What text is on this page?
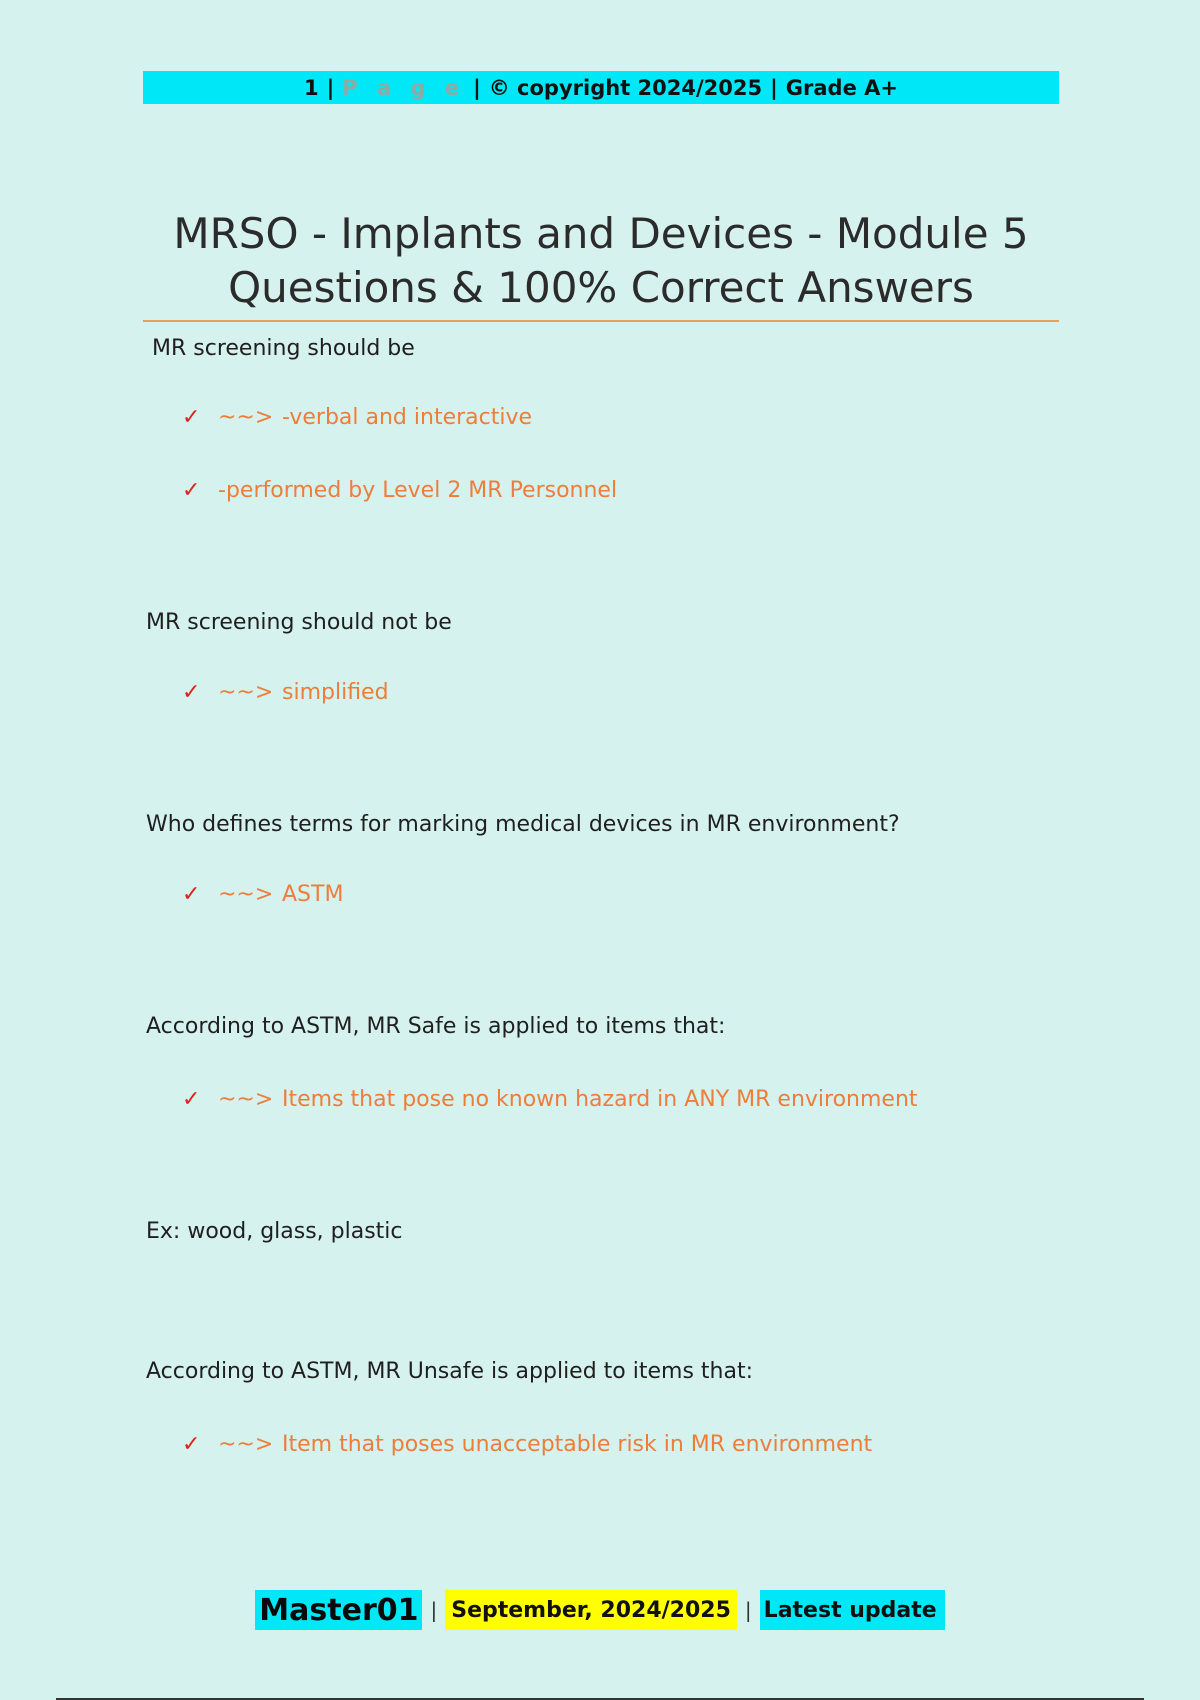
1 | P a g e | © copyright 2024/2025 | Grade A+
MRSO - Implants and Devices - Module 5
Questions & 100% Correct Answers
MR screening should be
✓ ~~> -verbal and interactive
✓ -performed by Level 2 MR Personnel
MR screening should not be
✓ ~~> simplified
Who defines terms for marking medical devices in MR environment?
✓ ~~> ASTM
According to ASTM, MR Safe is applied to items that:
✓ ~~> Items that pose no known hazard in ANY MR environment
Ex: wood, glass, plastic
According to ASTM, MR Unsafe is applied to items that:
✓ ~~> Item that poses unacceptable risk in MR environment
Master01 | September, 2024/2025 | Latest update
